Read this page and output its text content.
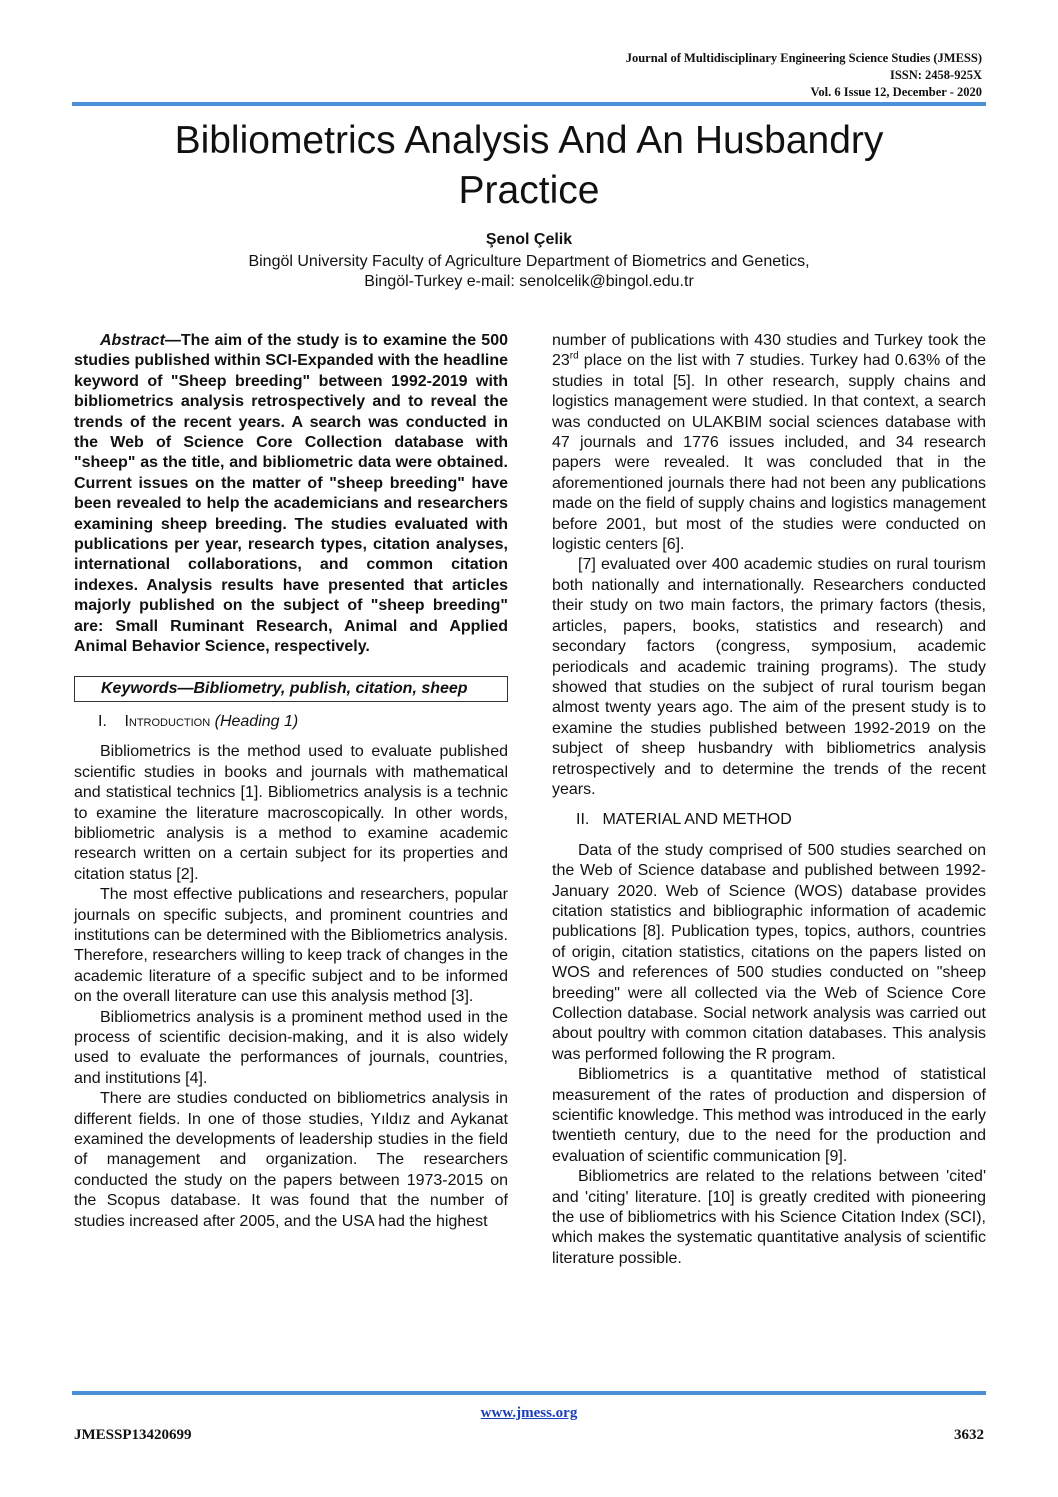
Journal of Multidisciplinary Engineering Science Studies (JMESS)
ISSN: 2458-925X
Vol. 6 Issue 12, December - 2020
Bibliometrics Analysis And An Husbandry
Practice
Şenol Çelik
Bingöl University Faculty of Agriculture Department of Biometrics and Genetics,
Bingöl-Turkey e-mail: senolcelik@bingol.edu.tr

Abstract—The aim of the study is to examine the 500 studies published within SCI-Expanded with the headline keyword of "Sheep breeding" between 1992-2019 with bibliometrics analysis retrospectively and to reveal the trends of the recent years. A search was conducted in the Web of Science Core Collection database with "sheep" as the title, and bibliometric data were obtained. Current issues on the matter of "sheep breeding" have been revealed to help the academicians and researchers examining sheep breeding. The studies evaluated with publications per year, research types, citation analyses, international collaborations, and common citation indexes. Analysis results have presented that articles majorly published on the subject of "sheep breeding" are: Small Ruminant Research, Animal and Applied Animal Behavior Science, respectively.

Keywords—Bibliometry, publish, citation, sheep
I. Introduction (Heading 1)

Bibliometrics is the method used to evaluate published scientific studies in books and journals with mathematical and statistical technics [1]. Bibliometrics analysis is a technic to examine the literature macroscopically. In other words, bibliometric analysis is a method to examine academic research written on a certain subject for its properties and citation status [2].

The most effective publications and researchers, popular journals on specific subjects, and prominent countries and institutions can be determined with the Bibliometrics analysis. Therefore, researchers willing to keep track of changes in the academic literature of a specific subject and to be informed on the overall literature can use this analysis method [3].

Bibliometrics analysis is a prominent method used in the process of scientific decision-making, and it is also widely used to evaluate the performances of journals, countries, and institutions [4].

There are studies conducted on bibliometrics analysis in different fields. In one of those studies, Yıldız and Aykanat examined the developments of leadership studies in the field of management and organization. The researchers conducted the study on the papers between 1973-2015 on the Scopus database. It was found that the number of studies increased after 2005, and the USA had the highest

number of publications with 430 studies and Turkey took the 23rd place on the list with 7 studies. Turkey had 0.63% of the studies in total [5]. In other research, supply chains and logistics management were studied. In that context, a search was conducted on ULAKBIM social sciences database with 47 journals and 1776 issues included, and 34 research papers were revealed. It was concluded that in the aforementioned journals there had not been any publications made on the field of supply chains and logistics management before 2001, but most of the studies were conducted on logistic centers [6].

[7] evaluated over 400 academic studies on rural tourism both nationally and internationally. Researchers conducted their study on two main factors, the primary factors (thesis, articles, papers, books, statistics and research) and secondary factors (congress, symposium, academic periodicals and academic training programs). The study showed that studies on the subject of rural tourism began almost twenty years ago. The aim of the present study is to examine the studies published between 1992-2019 on the subject of sheep husbandry with bibliometrics analysis retrospectively and to determine the trends of the recent years.

II. MATERIAL AND METHOD

Data of the study comprised of 500 studies searched on the Web of Science database and published between 1992- January 2020. Web of Science (WOS) database provides citation statistics and bibliographic information of academic publications [8]. Publication types, topics, authors, countries of origin, citation statistics, citations on the papers listed on WOS and references of 500 studies conducted on "sheep breeding" were all collected via the Web of Science Core Collection database. Social network analysis was carried out about poultry with common citation databases. This analysis was performed following the R program.

Bibliometrics is a quantitative method of statistical measurement of the rates of production and dispersion of scientific knowledge. This method was introduced in the early twentieth century, due to the need for the production and evaluation of scientific communication [9].

Bibliometrics are related to the relations between 'cited' and 'citing' literature. [10] is greatly credited with pioneering the use of bibliometrics with his Science Citation Index (SCI), which makes the systematic quantitative analysis of scientific literature possible.

www.jmess.org
JMESSP13420699	3632
